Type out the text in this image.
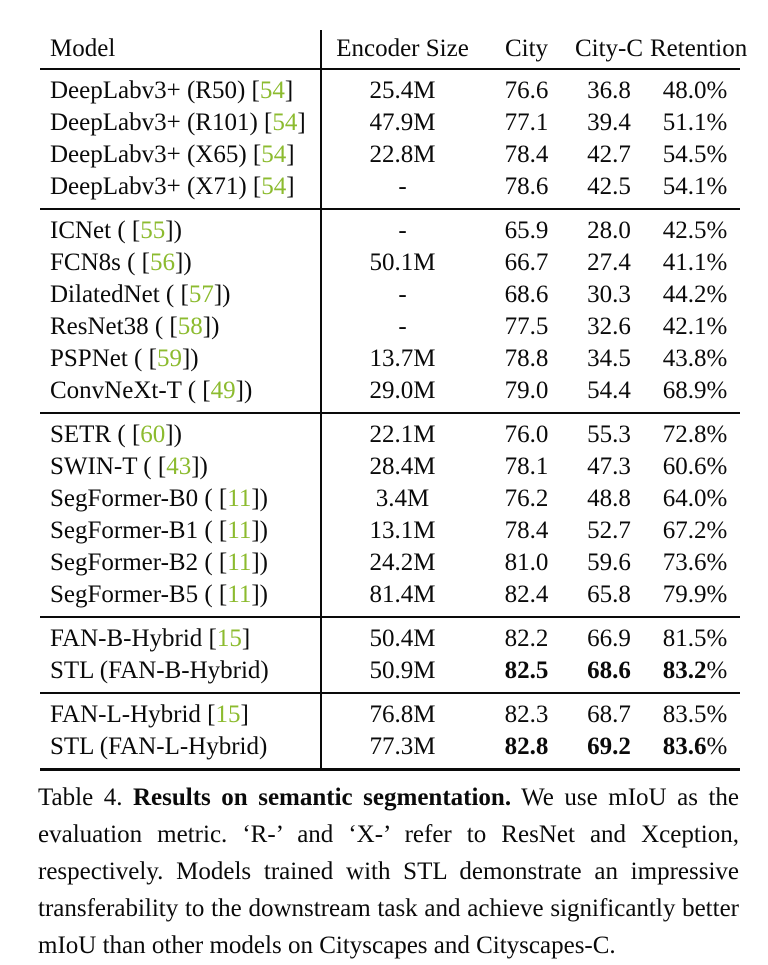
Model	Encoder Size	City	City-C Retention
DeepLabv3+ (R50) [54]	25.4M	76.6	36.8	48.0%
DeepLabv3+ (R101) [54]	47.9M	77.1	39.4	51.1%
DeepLabv3+ (X65) [54]	22.8M	78.4	42.7	54.5%
DeepLabv3+ (X71) [54]	-	78.6	42.5	54.1%
ICNet ( [55])	-	65.9	28.0	42.5%
FCN8s ( [56])	50.1M	66.7	27.4	41.1%
DilatedNet ( [57])	-	68.6	30.3	44.2%
ResNet38 ( [58])	-	77.5	32.6	42.1%
PSPNet ( [59])	13.7M	78.8	34.5	43.8%
ConvNeXt-T ( [49])	29.0M	79.0	54.4	68.9%
SETR ( [60])	22.1M	76.0	55.3	72.8%
SWIN-T ( [43])	28.4M	78.1	47.3	60.6%
SegFormer-B0 ( [11])	3.4M	76.2	48.8	64.0%
SegFormer-B1 ( [11])	13.1M	78.4	52.7	67.2%
SegFormer-B2 ( [11])	24.2M	81.0	59.6	73.6%
SegFormer-B5 ( [11])	81.4M	82.4	65.8	79.9%
FAN-B-Hybrid [15]	50.4M	82.2	66.9	81.5%
STL (FAN-B-Hybrid)	50.9M	82.5	68.6	83.2%
FAN-L-Hybrid [15]	76.8M	82.3	68.7	83.5%
STL (FAN-L-Hybrid)	77.3M	82.8	69.2	83.6%
Table 4. Results on semantic segmentation. We use mIoU as the evaluation metric. ‘R-’ and ‘X-’ refer to ResNet and Xception, respectively. Models trained with STL demonstrate an impressive transferability to the downstream task and achieve significantly better mIoU than other models on Cityscapes and Cityscapes-C.
